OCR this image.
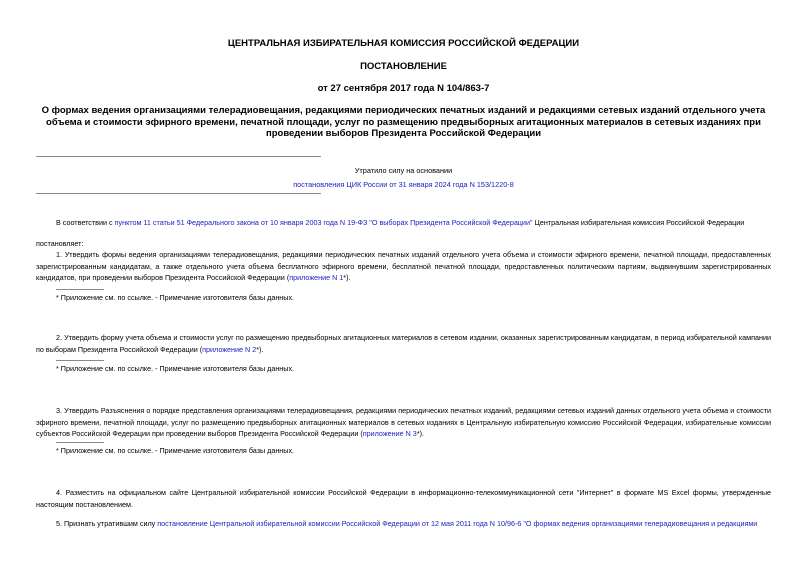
ЦЕНТРАЛЬНАЯ ИЗБИРАТЕЛЬНАЯ КОМИССИЯ РОССИЙСКОЙ ФЕДЕРАЦИИ
ПОСТАНОВЛЕНИЕ
от 27 сентября 2017 года N 104/863-7
О формах ведения организациями телерадиовещания, редакциями периодических печатных изданий и редакциями сетевых изданий отдельного учета объема и стоимости эфирного времени, печатной площади, услуг по размещению предвыборных агитационных материалов в сетевых изданиях при проведении выборов Президента Российской Федерации
Утратило силу на основании
постановления ЦИК России от 31 января 2024 года N 153/1220-8
В соответствии с пунктом 11 статьи 51 Федерального закона от 10 января 2003 года N 19-ФЗ "О выборах Президента Российской Федерации" Центральная избирательная комиссия Российской Федерации
постановляет:
1. Утвердить формы ведения организациями телерадиовещания, редакциями периодических печатных изданий отдельного учета объема и стоимости эфирного времени, печатной площади, предоставленных зарегистрированным кандидатам, а также отдельного учета объема бесплатного эфирного времени, бесплатной печатной площади, предоставленных политическим партиям, выдвинувшим зарегистрированных кандидатов, при проведении выборов Президента Российской Федерации (приложение N 1*).
* Приложение см. по ссылке. - Примечание изготовителя базы данных.
2. Утвердить форму учета объема и стоимости услуг по размещению предвыборных агитационных материалов в сетевом издании, оказанных зарегистрированным кандидатам, в период избирательной кампании по выборам Президента Российской Федерации (приложение N 2*).
* Приложение см. по ссылке. - Примечание изготовителя базы данных.
3. Утвердить Разъяснения о порядке представления организациями телерадиовещания, редакциями периодических печатных изданий, редакциями сетевых изданий данных отдельного учета объема и стоимости эфирного времени, печатной площади, услуг по размещению предвыборных агитационных материалов в сетевых изданиях в Центральную избирательную комиссию Российской Федерации, избирательные комиссии субъектов Российской Федерации при проведении выборов Президента Российской Федерации (приложение N 3*).
* Приложение см. по ссылке. - Примечание изготовителя базы данных.
4. Разместить на официальном сайте Центральной избирательной комиссии Российской Федерации в информационно-телекоммуникационной сети "Интернет" в формате MS Excel формы, утвержденные настоящим постановлением.
5. Признать утратившим силу постановление Центральной избирательной комиссии Российской Федерации от 12 мая 2011 года N 10/96-6 "О формах ведения организациями телерадиовещания и редакциями
